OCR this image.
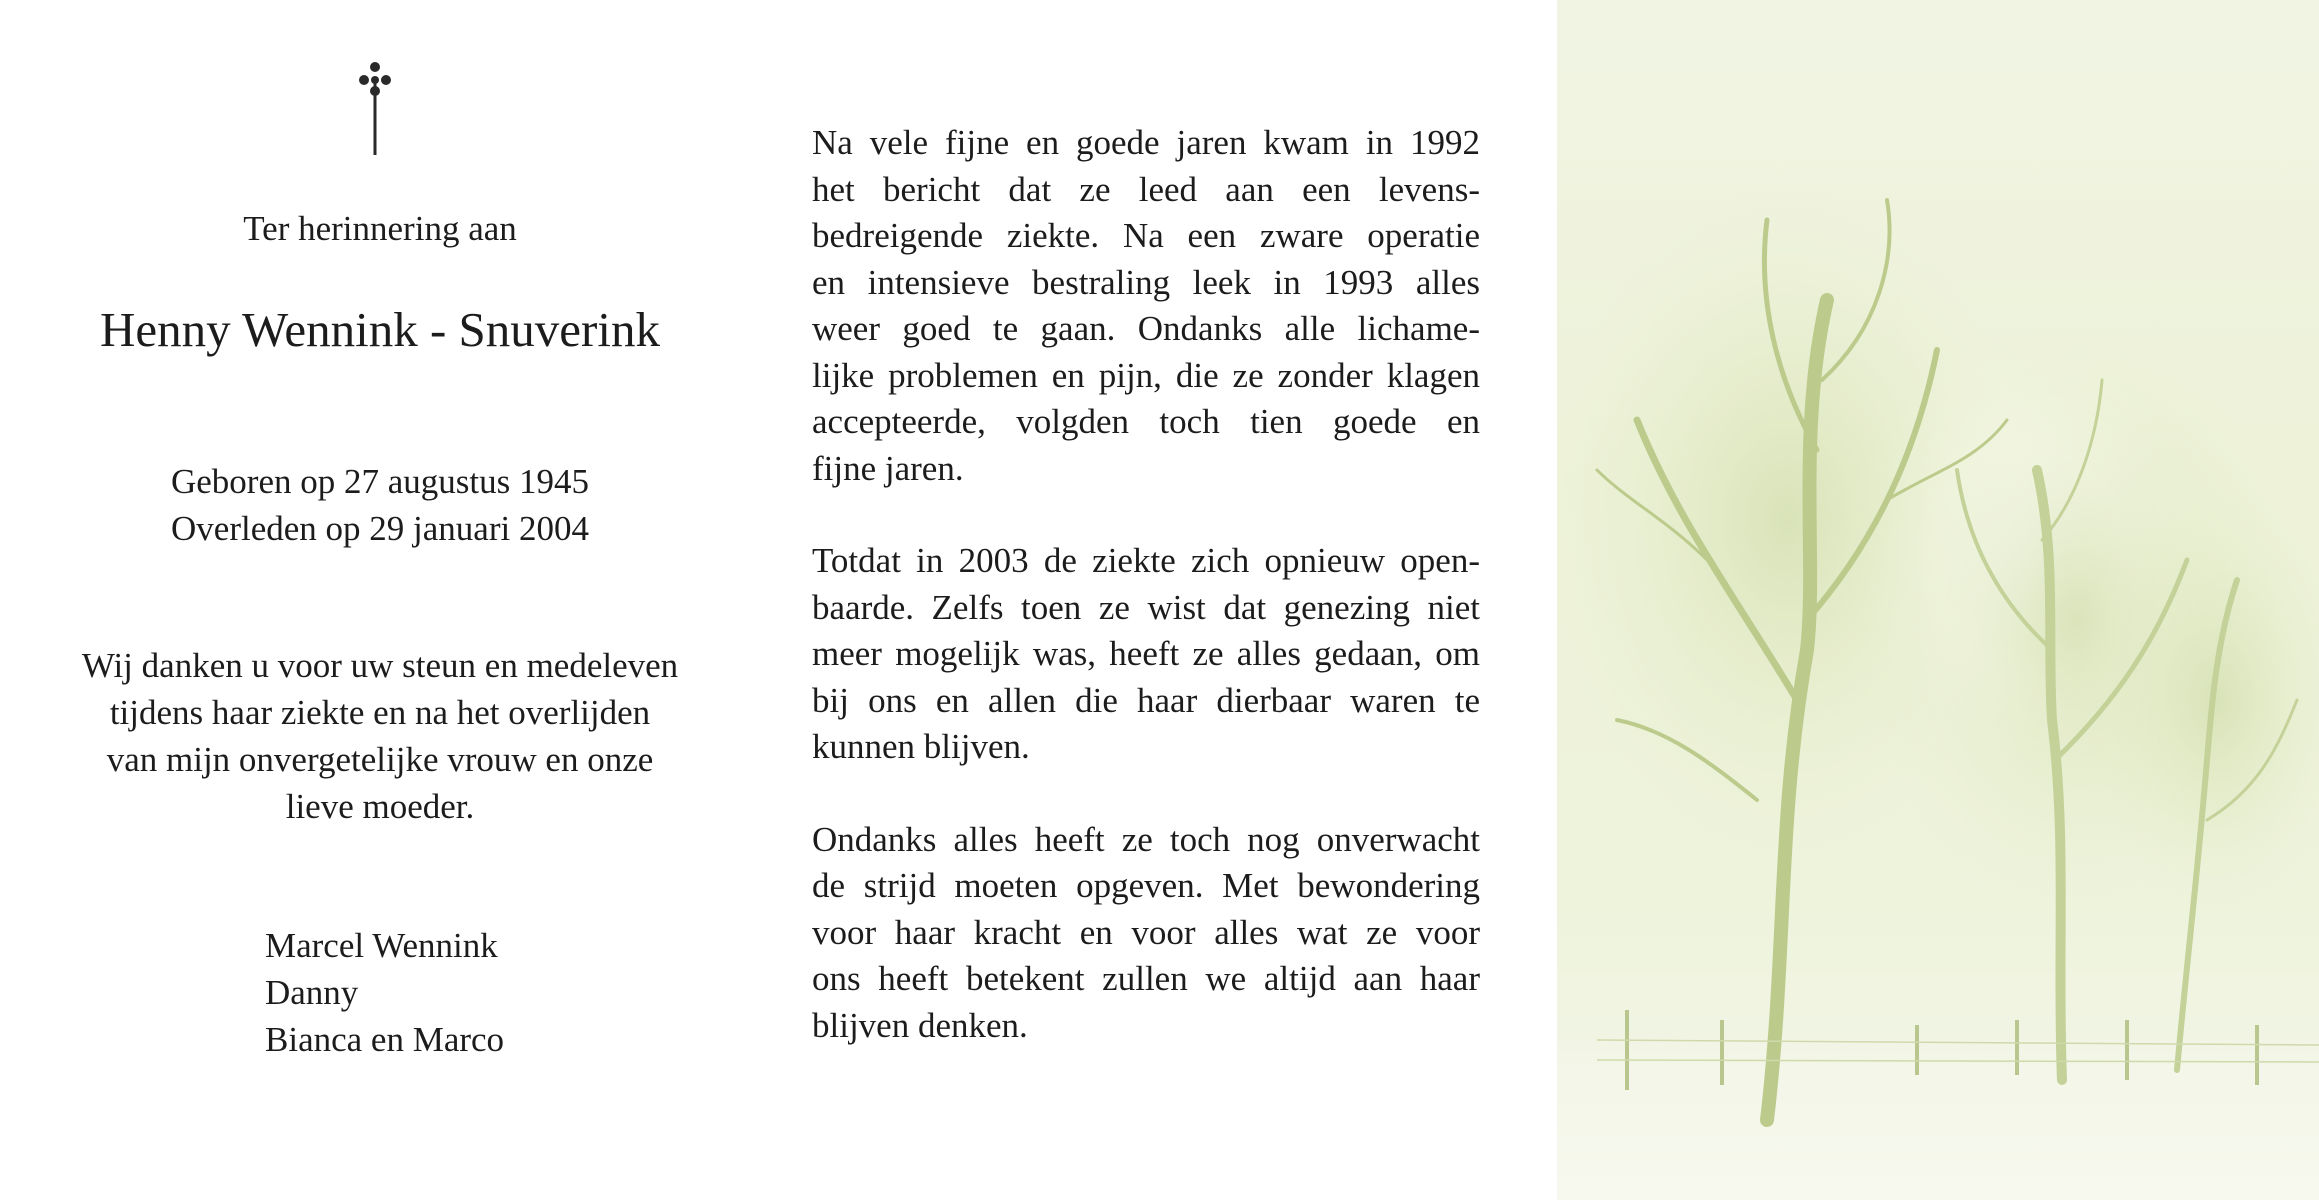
Ter herinnering aan
Henny Wennink - Snuverink
Geboren op 27 augustus 1945
Overleden op 29 januari 2004
Wij danken u voor uw steun en medeleven
tijdens haar ziekte en na het overlijden
van mijn onvergetelijke vrouw en onze
lieve moeder.
Marcel Wennink
Danny
Bianca en Marco
Na vele fijne en goede jaren kwam in 1992
het bericht dat ze leed aan een levens-
bedreigende ziekte. Na een zware operatie
en intensieve bestraling leek in 1993 alles
weer goed te gaan. Ondanks alle lichame-
lijke problemen en pijn, die ze zonder klagen
accepteerde, volgden toch tien goede en
fijne jaren.
Totdat in 2003 de ziekte zich opnieuw open-
baarde. Zelfs toen ze wist dat genezing niet
meer mogelijk was, heeft ze alles gedaan, om
bij ons en allen die haar dierbaar waren te
kunnen blijven.
Ondanks alles heeft ze toch nog onverwacht
de strijd moeten opgeven. Met bewondering
voor haar kracht en voor alles wat ze voor
ons heeft betekent zullen we altijd aan haar
blijven denken.
